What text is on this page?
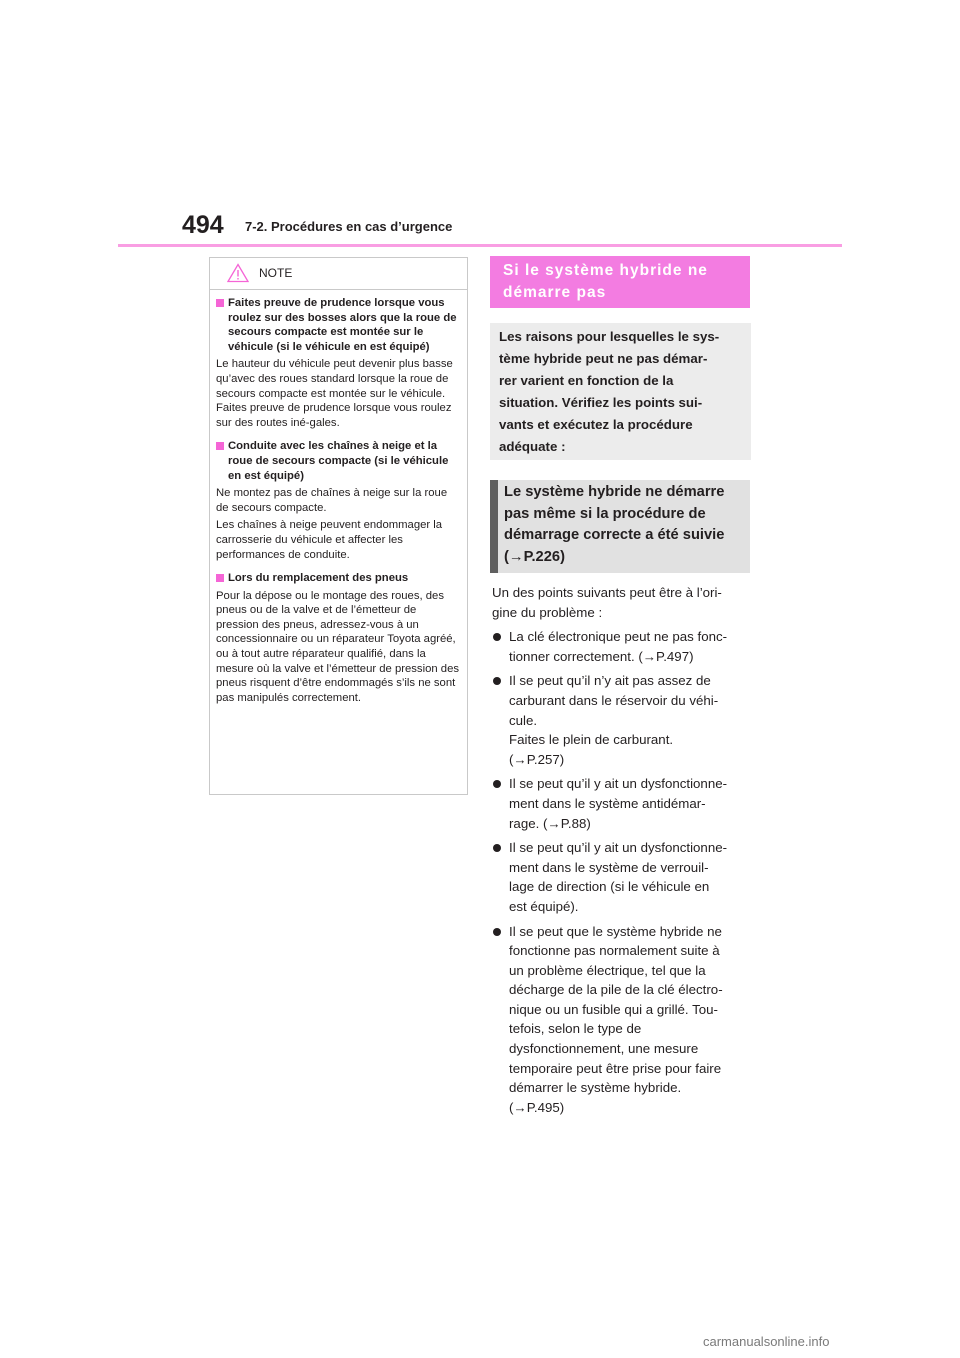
494 7-2. Procédures en cas d’urgence
NOTE
Faites preuve de prudence lorsque vous roulez sur des bosses alors que la roue de secours compacte est montée sur le véhicule (si le véhicule en est équipé)

Le hauteur du véhicule peut devenir plus basse qu’avec des roues standard lorsque la roue de secours compacte est montée sur le véhicule. Faites preuve de prudence lorsque vous roulez sur des routes iné-gales.

Conduite avec les chaînes à neige et la roue de secours compacte (si le véhicule en est équipé)

Ne montez pas de chaînes à neige sur la roue de secours compacte.

Les chaînes à neige peuvent endommager la carrosserie du véhicule et affecter les performances de conduite.

Lors du remplacement des pneus

Pour la dépose ou le montage des roues, des pneus ou de la valve et de l’émetteur de pression des pneus, adressez-vous à un concessionnaire ou un réparateur Toyota agréé, ou à tout autre réparateur qualifié, dans la mesure où la valve et l’émetteur de pression des pneus risquent d’être endommagés s’ils ne sont pas manipulés correctement.

Si le système hybride ne
démarre pas
Les raisons pour lesquelles le sys-
tème hybride peut ne pas démar-
rer varient en fonction de la
situation. Vérifiez les points sui-
vants et exécutez la procédure
adéquate :
Le système hybride ne démarre
pas même si la procédure de
démarrage correcte a été suivie
(→P.226)
Un des points suivants peut être à l’ori-
gine du problème :
La clé électronique peut ne pas fonc-
tionner correctement. (→P.497)
Il se peut qu’il n’y ait pas assez de
carburant dans le réservoir du véhi-
cule.
Faites le plein de carburant.
(→P.257)
Il se peut qu’il y ait un dysfonctionne-
ment dans le système antidémar-
rage. (→P.88)
Il se peut qu’il y ait un dysfonctionne-
ment dans le système de verrouil-
lage de direction (si le véhicule en
est équipé).
Il se peut que le système hybride ne
fonctionne pas normalement suite à
un problème électrique, tel que la
décharge de la pile de la clé électro-
nique ou un fusible qui a grillé. Tou-
tefois, selon le type de
dysfonctionnement, une mesure
temporaire peut être prise pour faire
démarrer le système hybride.
(→P.495)
carmanualsonline.info
